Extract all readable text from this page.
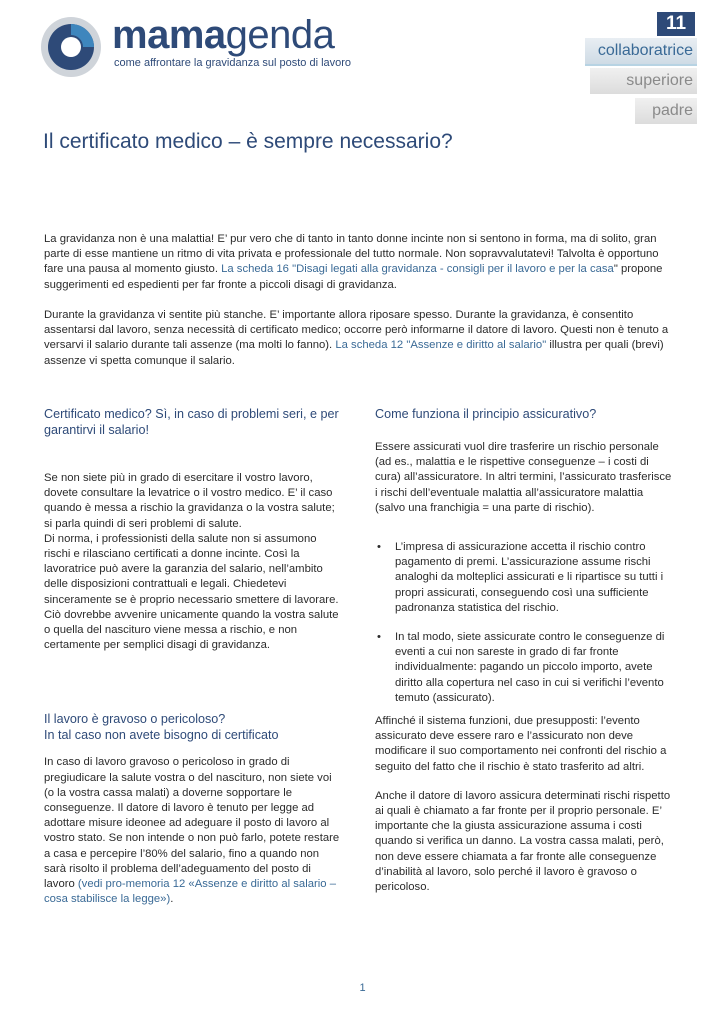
mamagenda
come affrontare la gravidanza sul posto di lavoro
11
collaboratrice
superiore
padre
Il certificato medico – è sempre necessario?

La gravidanza non è una malattia! E’ pur vero che di tanto in tanto donne incinte non si sentono in forma, ma di solito, gran parte di esse mantiene un ritmo di vita privata e professionale del tutto normale. Non sopravvalutatevi! Talvolta è opportuno fare una pausa al momento giusto. La scheda 16 "Disagi legati alla gravidanza - consigli per il lavoro e per la casa" propone suggerimenti ed espedienti per far fronte a piccoli disagi di gravidanza.

Durante la gravidanza vi sentite più stanche. E’ importante allora riposare spesso. Durante la gravidanza, è consentito assentarsi dal lavoro, senza necessità di certificato medico; occorre però informarne il datore di lavoro. Questi non è tenuto a versarvi il salario durante tali assenze (ma molti lo fanno). La scheda 12 "Assenze e diritto al salario" illustra per quali (brevi) assenze vi spetta comunque il salario.

Certificato medico? Sì, in caso di problemi seri, e per garantirvi il salario!

Se non siete più in grado di esercitare il vostro lavoro, dovete consultare la levatrice o il vostro medico. E’ il caso quando è messa a rischio la gravidanza o la vostra salute; si parla quindi di seri problemi di salute.

Di norma, i professionisti della salute non si assumono rischi e rilasciano certificati a donne incinte. Così la lavoratrice può avere la garanzia del salario, nell’ambito delle disposizioni contrattuali e legali. Chiedetevi sinceramente se è proprio necessario smettere di lavorare. Ciò dovrebbe avvenire unicamente quando la vostra salute o quella del nascituro viene messa a rischio, e non certamente per semplici disagi di gravidanza.

Il lavoro è gravoso o pericoloso?
In tal caso non avete bisogno di certificato

In caso di lavoro gravoso o pericoloso in grado di pregiudicare la salute vostra o del nascituro, non siete voi (o la vostra cassa malati) a doverne sopportare le conseguenze. Il datore di lavoro è tenuto per legge ad adottare misure ideonee ad adeguare il posto di lavoro al vostro stato. Se non intende o non può farlo, potete restare a casa e percepire l’80% del salario, fino a quando non sarà risolto il problema dell’adeguamento del posto di lavoro (vedi pro-memoria 12 «Assenze e diritto al salario – cosa stabilisce la legge»).

Come funziona il principio assicurativo?

Essere assicurati vuol dire trasferire un rischio personale (ad es., malattia e le rispettive conseguenze – i costi di cura) all’assicuratore. In altri termini, l’assicurato trasferisce i rischi dell’eventuale malattia all’assicuratore malattia (salvo una franchigia = una parte di rischio).

• L’impresa di assicurazione accetta il rischio contro pagamento di premi. L’assicurazione assume rischi analoghi da molteplici assicurati e li ripartisce su tutti i propri assicurati, conseguendo così una sufficiente padronanza statistica del rischio.
• In tal modo, siete assicurate contro le conseguenze di eventi a cui non sareste in grado di far fronte individualmente: pagando un piccolo importo, avete diritto alla copertura nel caso in cui si verifichi l’evento temuto (assicurato).

Affinché il sistema funzioni, due presupposti: l’evento assicurato deve essere raro e l’assicurato non deve modificare il suo comportamento nei confronti del rischio a seguito del fatto che il rischio è stato trasferito ad altri.

Anche il datore di lavoro assicura determinati rischi rispetto ai quali è chiamato a far fronte per il proprio personale. E’ importante che la giusta assicurazione assuma i costi quando si verifica un danno. La vostra cassa malati, però, non deve essere chiamata a far fronte alle conseguenze d’inabilità al lavoro, solo perché il lavoro è gravoso o pericoloso.

1
